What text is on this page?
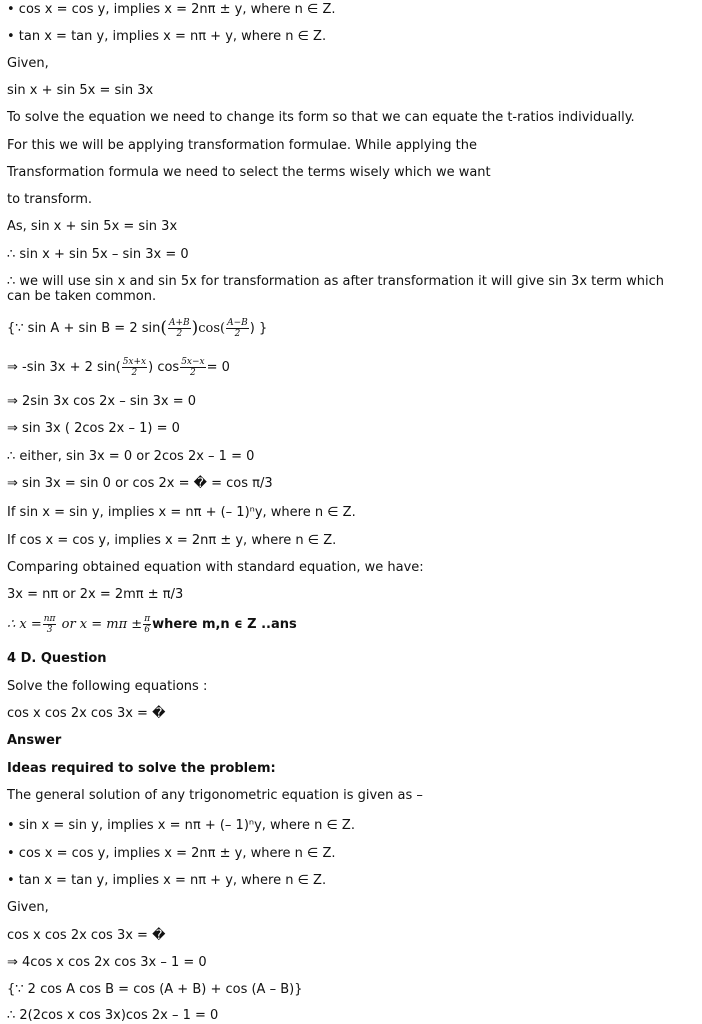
• cos x = cos y, implies x = 2nπ ± y, where n ∈ Z.
• tan x = tan y, implies x = nπ + y, where n ∈ Z.
Given,
sin x + sin 5x = sin 3x
To solve the equation we need to change its form so that we can equate the t-ratios individually.
For this we will be applying transformation formulae. While applying the
Transformation formula we need to select the terms wisely which we want
to transform.
As, sin x + sin 5x = sin 3x
∴ sin x + sin 5x – sin 3x = 0
∴ we will use sin x and sin 5x for transformation as after transformation it will give sin 3x term which can be taken common.
{∵ sin A + sin B = 2 $\sin( \frac{A+B}{2} )\cos( \frac{A-B}{2}$ ) }
⇒ -sin 3x + 2 $\sin( \frac{5x+x}{2}$ ) $\cos \frac{5x-x}{2} = 0$
⇒ 2sin 3x cos 2x – sin 3x = 0
⇒ sin 3x ( 2cos 2x – 1) = 0
∴ either, sin 3x = 0 or 2cos 2x – 1 = 0
⇒ sin 3x = sin 0 or cos 2x = � = cos π/3
If sin x = sin y, implies x = nπ + (– 1)ⁿy, where n ∈ Z.
If cos x = cos y, implies x = 2nπ ± y, where n ∈ Z.
Comparing obtained equation with standard equation, we have:
3x = nπ or 2x = 2mπ ± π/3
∴ $x = \frac{n\pi}{3}$ or $x = m\pi \pm \frac{\pi}{6}$ where m,n ϵ Z ..ans
4 D. Question
Solve the following equations :
cos x cos 2x cos 3x = �
Answer
Ideas required to solve the problem:
The general solution of any trigonometric equation is given as –
• sin x = sin y, implies x = nπ + (– 1)ⁿy, where n ∈ Z.
• cos x = cos y, implies x = 2nπ ± y, where n ∈ Z.
• tan x = tan y, implies x = nπ + y, where n ∈ Z.
Given,
cos x cos 2x cos 3x = �
⇒ 4cos x cos 2x cos 3x – 1 = 0
{∵ 2 cos A cos B = cos (A + B) + cos (A – B)}
∴ 2(2cos x cos 3x)cos 2x – 1 = 0
